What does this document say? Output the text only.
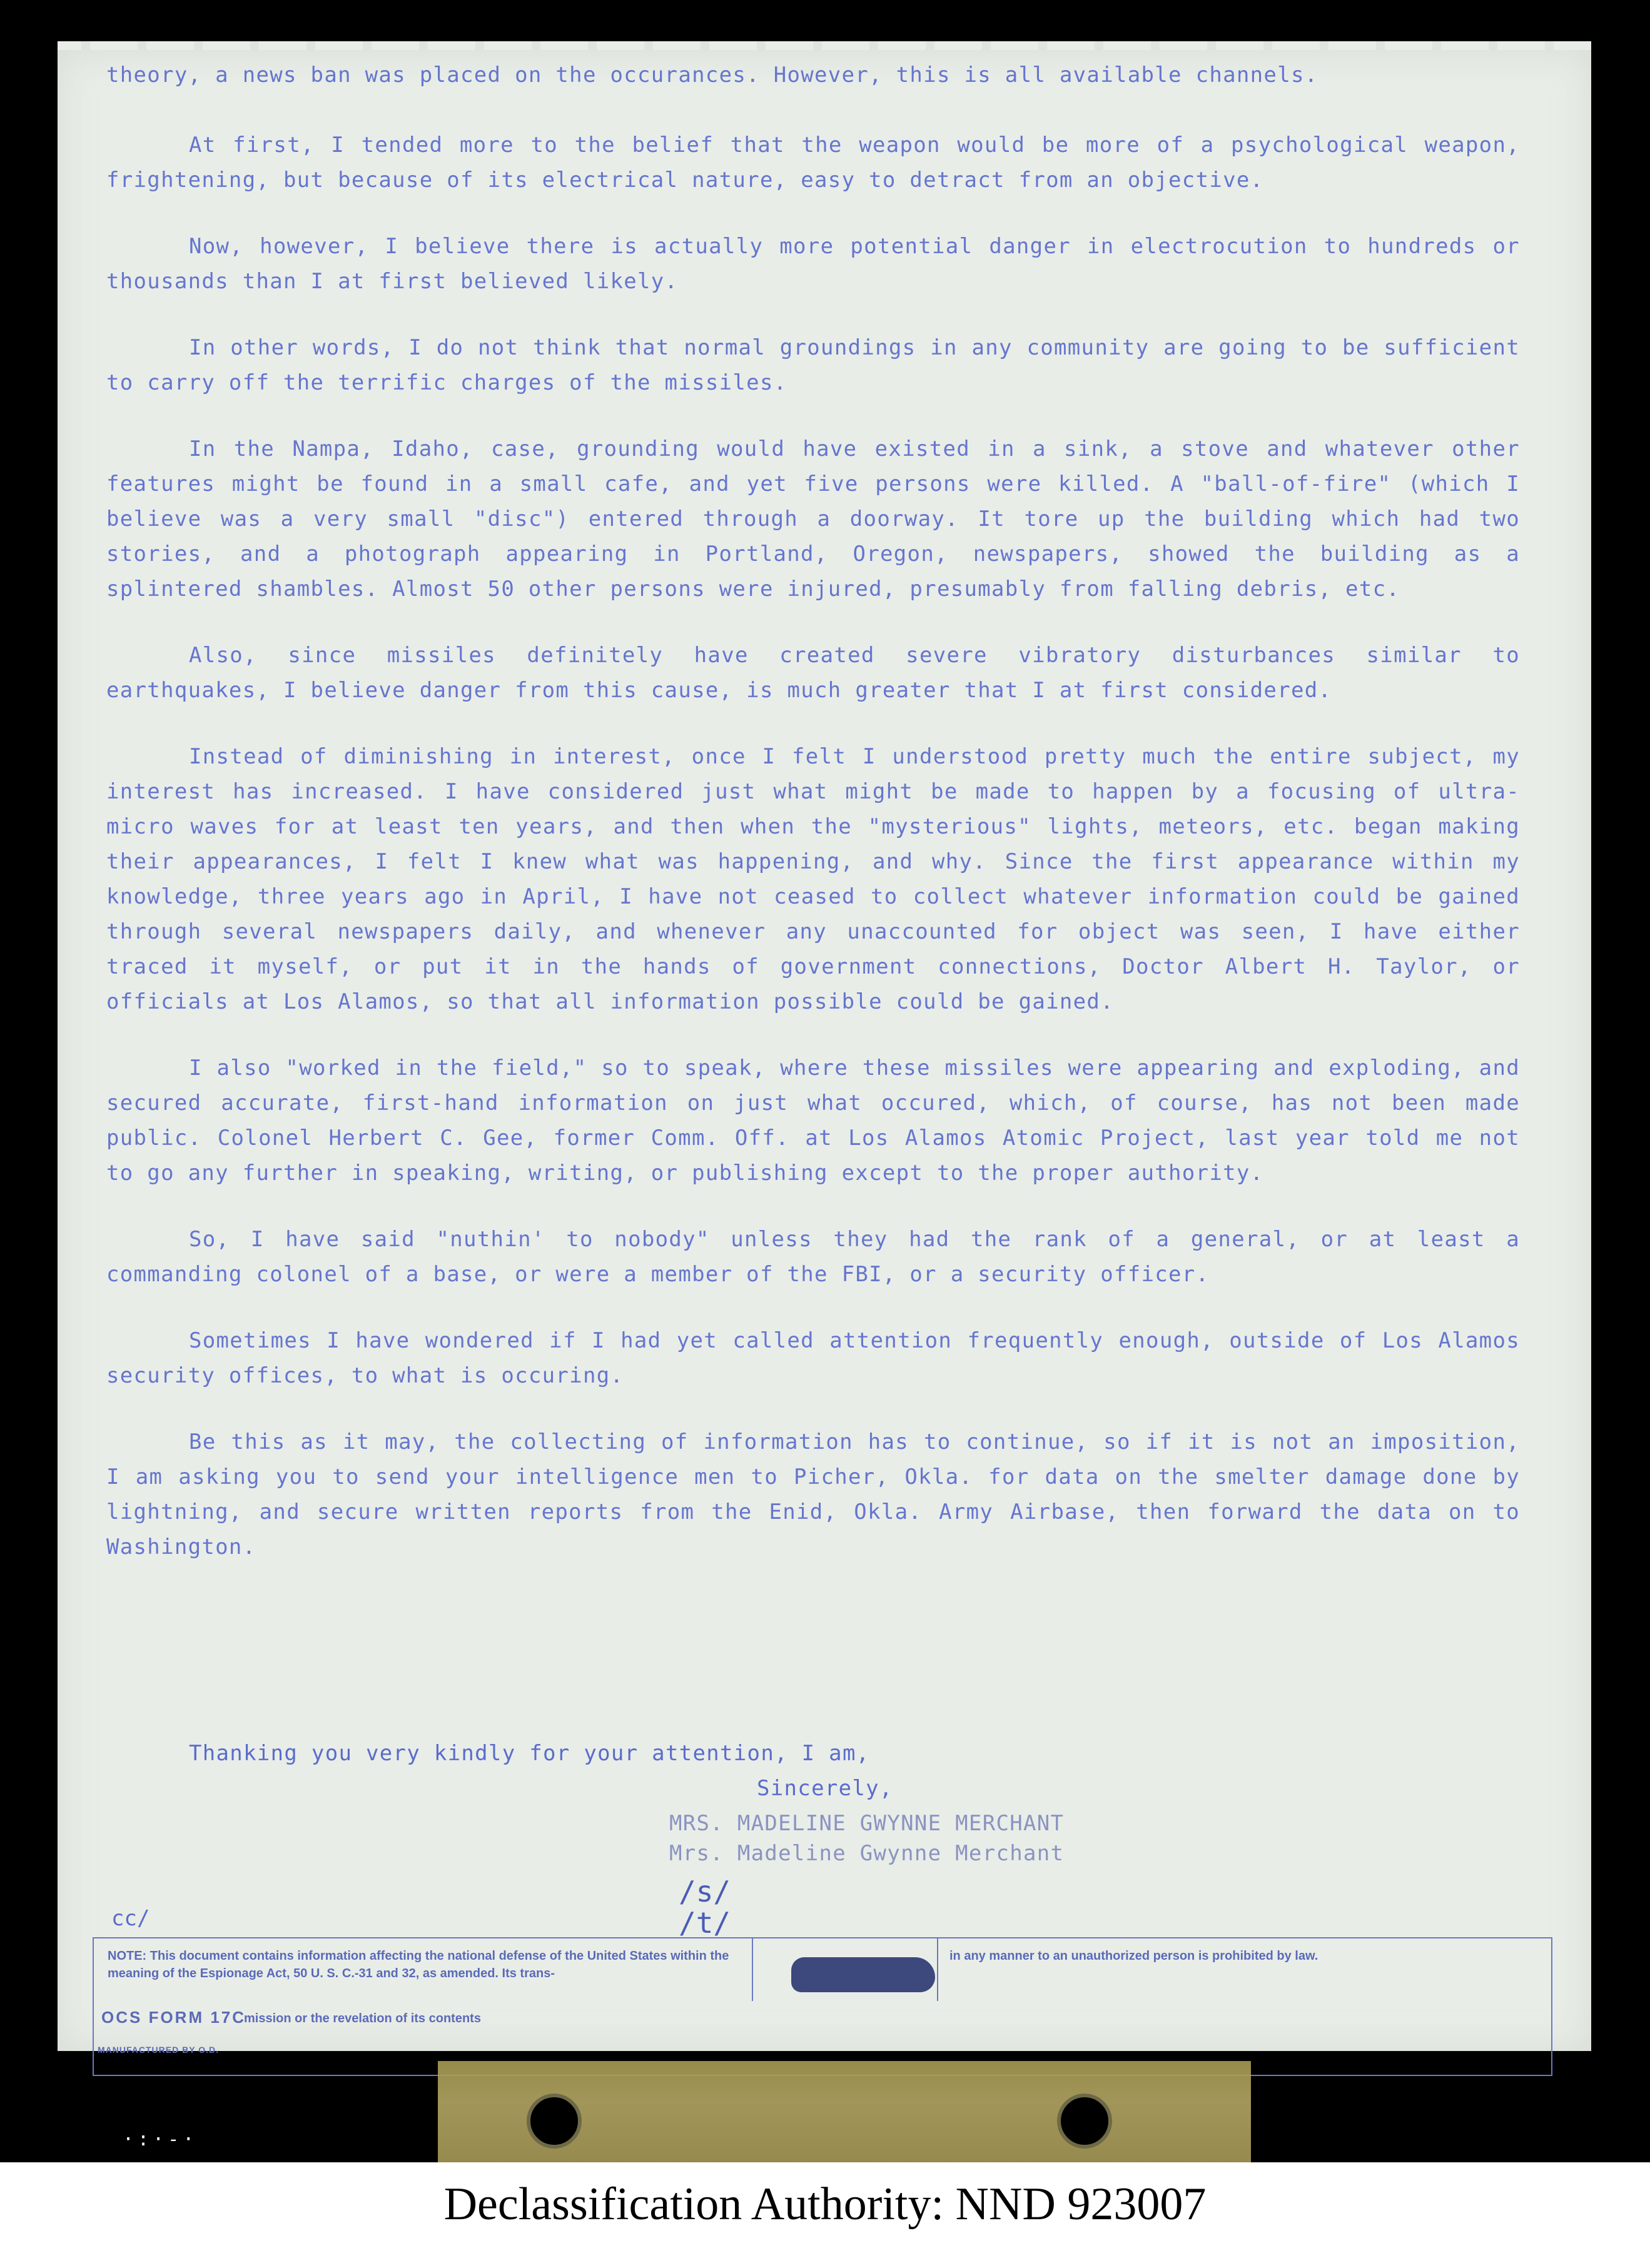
theory, a news ban was placed on the occurances. However, this is all available channels.

At first, I tended more to the belief that the weapon would be more of a psychological weapon, frightening, but because of its electrical nature, easy to detract from an objective.

Now, however, I believe there is actually more potential danger in electrocution to hundreds or thousands than I at first believed likely.

In other words, I do not think that normal groundings in any community are going to be sufficient to carry off the terrific charges of the missiles.

In the Nampa, Idaho, case, grounding would have existed in a sink, a stove and whatever other features might be found in a small cafe, and yet five persons were killed. A "ball-of-fire" (which I believe was a very small "disc") entered through a doorway. It tore up the building which had two stories, and a photograph appearing in Portland, Oregon, newspapers, showed the building as a splintered shambles. Almost 50 other persons were injured, presumably from falling debris, etc.

Also, since missiles definitely have created severe vibratory disturbances similar to earthquakes, I believe danger from this cause, is much greater that I at first considered.

Instead of diminishing in interest, once I felt I understood pretty much the entire subject, my interest has increased. I have considered just what might be made to happen by a focusing of ultra-micro waves for at least ten years, and then when the "mysterious" lights, meteors, etc. began making their appearances, I felt I knew what was happening, and why. Since the first appearance within my knowledge, three years ago in April, I have not ceased to collect whatever information could be gained through several newspapers daily, and whenever any unaccounted for object was seen, I have either traced it myself, or put it in the hands of government connections, Doctor Albert H. Taylor, or officials at Los Alamos, so that all information possible could be gained.

I also "worked in the field," so to speak, where these missiles were appearing and exploding, and secured accurate, first-hand information on just what occured, which, of course, has not been made public. Colonel Herbert C. Gee, former Comm. Off. at Los Alamos Atomic Project, last year told me not to go any further in speaking, writing, or publishing except to the proper authority.

So, I have said "nuthin' to nobody" unless they had the rank of a general, or at least a commanding colonel of a base, or were a member of the FBI, or a security officer.

Sometimes I have wondered if I had yet called attention frequently enough, outside of Los Alamos security offices, to what is occuring.

Be this as it may, the collecting of information has to continue, so if it is not an imposition, I am asking you to send your intelligence men to Picher, Okla. for data on the smelter damage done by lightning, and secure written reports from the Enid, Okla. Army Airbase, then forward the data on to Washington.

Thanking you very kindly for your attention, I am,

Sincerely,

MRS. MADELINE GWYNNE MERCHANT

Mrs. Madeline Gwynne Merchant

/s/ /t/
cc/

NOTE: This document contains information affecting the national defense of the United States within the meaning of the Espionage Act, 50 U. S. C.-31 and 32, as amended. Its trans-

in any manner to an unauthorized person is prohibited by law.

OCS FORM 17C

mission or the revelation of its contents

MANUFACTURED BY O.D.
·:·-·
Declassification Authority: NND 923007
